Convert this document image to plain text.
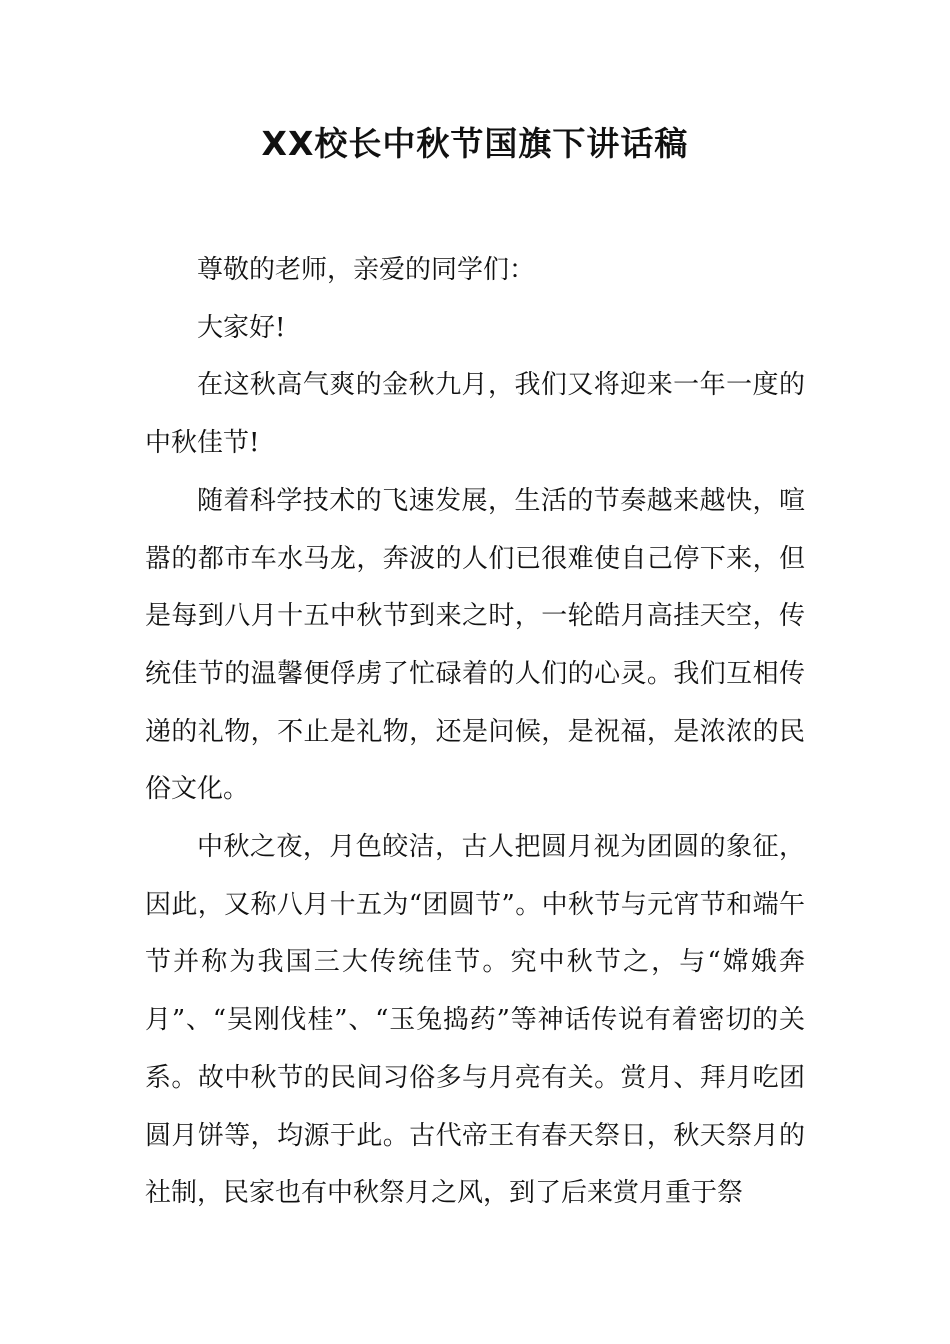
XX校长中秋节国旗下讲话稿

尊敬的老师，亲爱的同学们：

大家好!

在这秋高气爽的金秋九月，我们又将迎来一年一度的中秋佳节!

随着科学技术的飞速发展，生活的节奏越来越快，喧嚣的都市车水马龙，奔波的人们已很难使自己停下来，但是每到八月十五中秋节到来之时，一轮皓月高挂天空，传统佳节的温馨便俘虏了忙碌着的人们的心灵。我们互相传递的礼物，不止是礼物，还是问候，是祝福，是浓浓的民俗文化。

中秋之夜，月色皎洁，古人把圆月视为团圆的象征，因此，又称八月十五为“团圆节”。中秋节与元宵节和端午节并称为我国三大传统佳节。究中秋节之，与“嫦娥奔月”、“吴刚伐桂”、“玉兔捣药”等神话传说有着密切的关系。故中秋节的民间习俗多与月亮有关。赏月、拜月吃团圆月饼等，均源于此。古代帝王有春天祭日，秋天祭月的社制，民家也有中秋祭月之风，到了后来赏月重于祭
